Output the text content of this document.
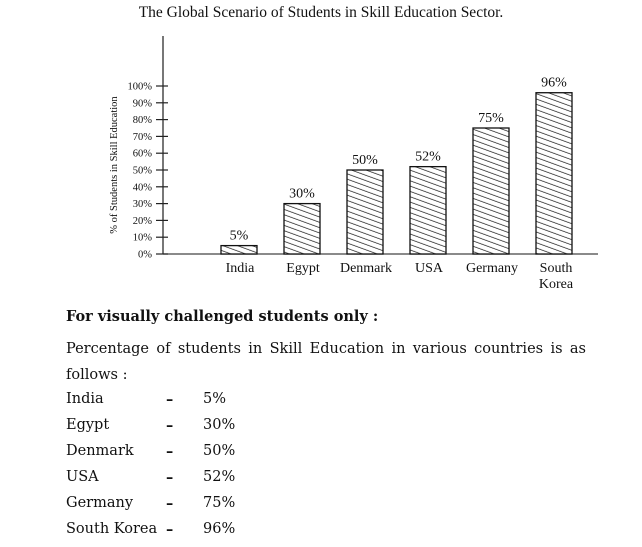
The Global Scenario of Students in Skill Education Sector.
0%
10%
20%
30%
40%
50%
60%
70%
80%
90%
100%
5%
India
30%
Egypt
50%
Denmark
52%
USA
75%
Germany
96%
South
Korea
% of Students in Skill Education
For visually challenged students only :
Percentage of students in Skill Education in various countries is as
follows :
India	– 5%
Egypt	– 30%
Denmark – 50%
USA	– 52%
Germany – 75%
South Korea – 96%
